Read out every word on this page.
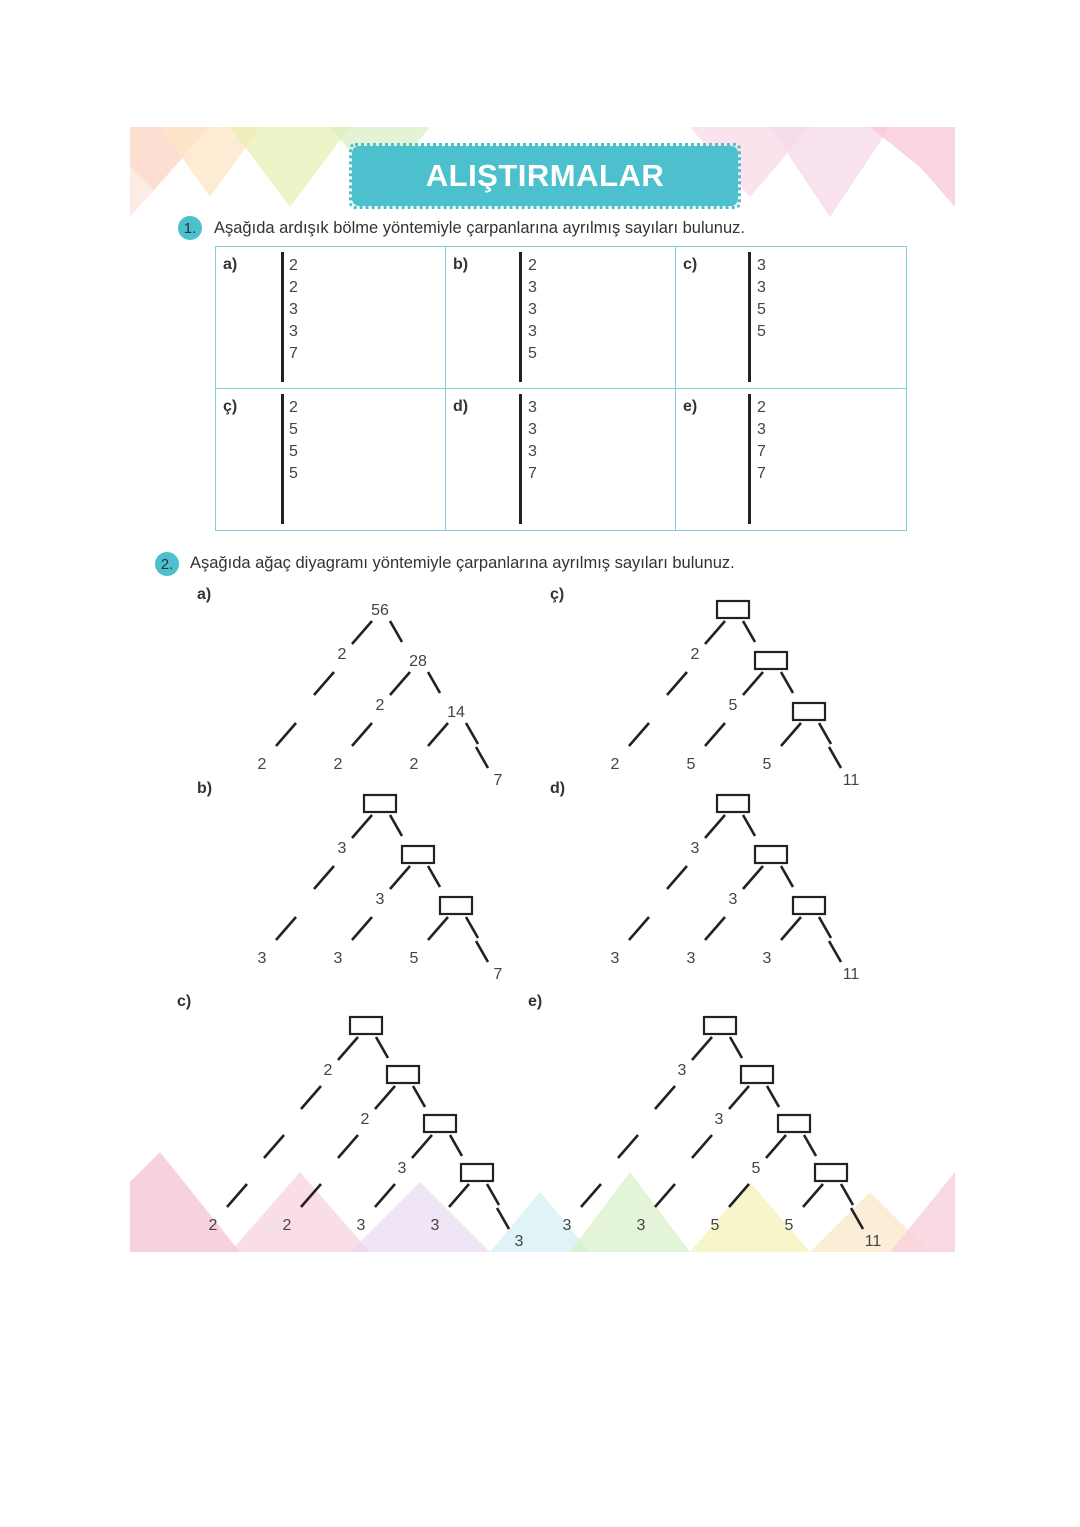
ALIŞTIRMALAR
1.	Aşağıda ardışık bölme yöntemiyle çarpanlarına ayrılmış sayıları bulunuz.
a)	2
2
3
3
7
b)	2
3
3
3
5
c)	3
3
5
5
ç)	2
5
5
5
d)	3
3
3
7
e)	2
3
7
7
2.	Aşağıda ağaç diyagramı yöntemiyle çarpanlarına ayrılmış sayıları bulunuz.
a)	ç)
b)	d)
c)	e)
56
2
2
28
2
2
14
2
7
2
2
5
5	5
11
3
3
3
3	5
7
3
3
3
3	3
11
2
2
2
2
3
3	3
3
3
3
3
3
5
5	5
11
